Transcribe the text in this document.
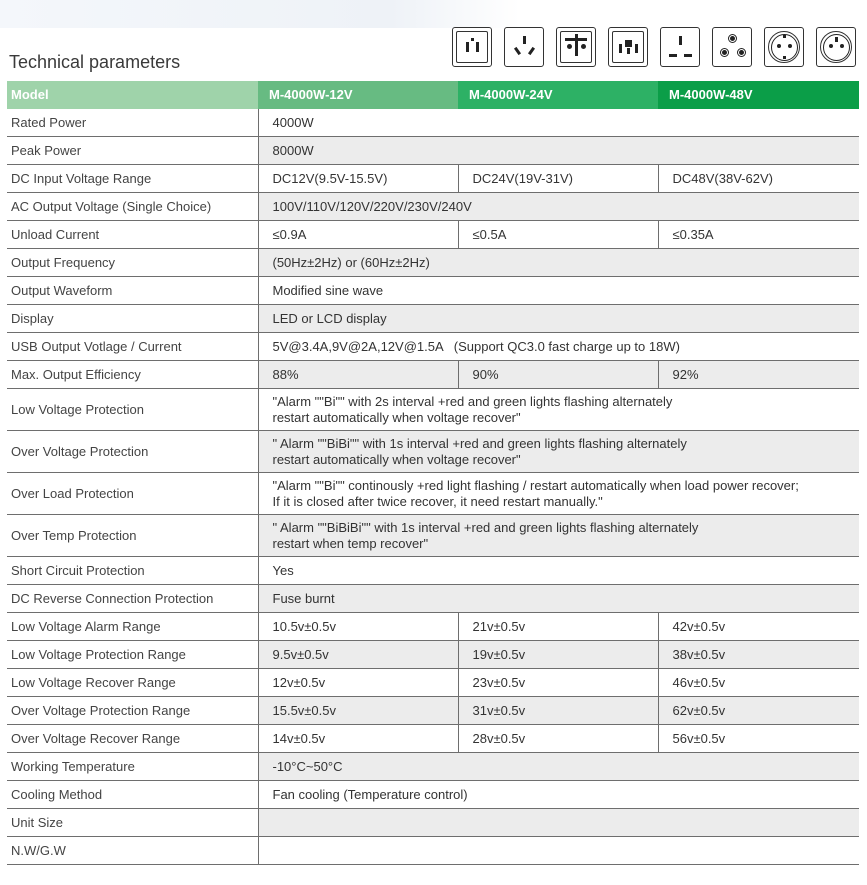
Technical parameters
Model	M-4000W-12V	M-4000W-24V	M-4000W-48V
Rated Power	4000W		
Peak Power	8000W		
DC Input Voltage Range	DC12V(9.5V-15.5V)	DC24V(19V-31V)	DC48V(38V-62V)
AC Output Voltage (Single Choice)	100V/110V/120V/220V/230V/240V		
Unload Current	≤0.9A	≤0.5A	≤0.35A
Output Frequency	(50Hz±2Hz) or (60Hz±2Hz)		
Output Waveform	Modified sine wave		
Display	LED or LCD display		
USB Output Votlage / Current	5V@3.4A,9V@2A,12V@1.5A   (Support QC3.0 fast charge up to 18W)		
Max. Output Efficiency	88%	90%	92%
Low Voltage Protection	"Alarm ""Bi"" with 2s interval +red and green lights flashing alternately
restart automatically when voltage recover"		
Over Voltage Protection	" Alarm ""BiBi"" with 1s interval +red and green lights flashing alternately
restart automatically when voltage recover"		
Over Load Protection	"Alarm ""Bi"" continously +red light flashing / restart automatically when load power recover;
If it is closed after twice recover, it need restart manually."		
Over Temp Protection	" Alarm ""BiBiBi"" with 1s interval +red and green lights flashing alternately
restart when temp recover"		
Short Circuit Protection	Yes		
DC Reverse Connection Protection	Fuse burnt		
Low Voltage Alarm Range	10.5v±0.5v	21v±0.5v	42v±0.5v
Low Voltage Protection Range	9.5v±0.5v	19v±0.5v	38v±0.5v
Low Voltage Recover Range	12v±0.5v	23v±0.5v	46v±0.5v
Over Voltage Protection Range	15.5v±0.5v	31v±0.5v	62v±0.5v
Over Voltage Recover Range	14v±0.5v	28v±0.5v	56v±0.5v
Working Temperature	-10°C~50°C		
Cooling Method	Fan cooling (Temperature control)		
Unit Size			
N.W/G.W			
